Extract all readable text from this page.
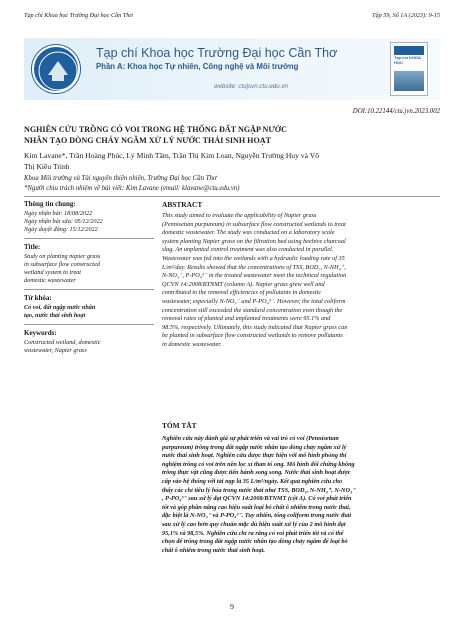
Tạp chí Khoa học Trường Đại học Cần Thơ	Tập 59, Số 1A (2023): 9-15
Tạp chí Khoa học Trường Đại học Cần Thơ
Phần A: Khoa học Tự nhiên, Công nghệ và Môi trường
website: ctujsvn.ctu.edu.vn
Tạp chí KHOA HỌC
DOI:10.22144/ctu.jvn.2023.002
NGHIÊN CỨU TRỒNG CỎ VOI TRONG HỆ THỐNG ĐẤT NGẬP NƯỚC
NHÂN TẠO DÒNG CHẢY NGẦM XỬ LÝ NƯỚC THẢI SINH HOẠT
Kim Lavane*, Trần Hoàng Phúc, Lý Minh Tâm, Trần Thị Kim Loan, Nguyễn Trường Huy và Võ
Thị Kiều Trinh
Khoa Môi trường và Tài nguyên thiên nhiên, Trường Đại học Cần Thơ
*Người chịu trách nhiệm về bài viết: Kim Lavane (email: klavane@ctu.edu.vn)
Thông tin chung:
Ngày nhận bài: 18/08/2022
Ngày nhận bài sửa: 05/12/2022
Ngày duyệt đăng: 15/12/2022
Title:
Study on planting napier grass
in subsurface flow constructed
wetland system to treat
domestic wastewater
Từ khóa:
Cỏ voi, đất ngập nước nhân
tạo, nước thải sinh hoạt
Keywords:
Constructed wetland, domestic
wastewater, Napier grass
ABSTRACT
This study aimed to evaluate the applicability of Napier grass
(Pennisetum purpureum) in subsurface flow constructed wetlands to treat
domestic wastewater. The study was conducted on a laboratory scale
system planting Napier grass on the filtration bed using beehive charcoal
slag. An unplanted control treatment was also conducted in parallel.
Wastewater was fed into the wetlands with a hydraulic loading rate of 35
L/m²/day. Results showed that the concentrations of TSS, BOD₅, N-NH₄⁺,
N-NO₃⁻, P-PO₄³⁻ in the treated wastewater meet the technical regulation
QCVN 14:2008/BTNMT (column A). Napier grass grew well and
contributed to the removal efficiencies of pollutants in domestic
wastewater, especially N-NO₃⁻ and P-PO₄³⁻. However, the total coliform
concentration still exceeded the standard concentration even though the
removal rates of planted and unplanted treatments were 95.1% and
98.5%, respectively. Ultimately, this study indicated that Napier grass can
be planted in subsurface flow constructed wetlands to remove pollutants
in domestic wastewater.
TÓM TẮT
Nghiên cứu này đánh giá sự phát triển và vai trò cỏ voi (Pennisetum
purpureum) trồng trong đất ngập nước nhân tạo dòng chảy ngầm xử lý
nước thải sinh hoạt. Nghiên cứu được thực hiện với mô hình phòng thí
nghiệm trồng cỏ voi trên nền lọc xỉ than tổ ong. Mô hình đối chứng không
trồng thực vật cũng được tiến hành song song. Nước thải sinh hoạt được
cấp vào hệ thống với tải nạp là 35 L/m²/ngày. Kết quả nghiên cứu cho
thấy các chỉ tiêu lý hóa trong nước thải như TSS, BOD₅, N-NH₄⁺, N-NO₃⁻
, P-PO₄³⁻ sau xử lý đạt QCVN 14:2008/BTNMT (cột A). Cỏ voi phát triển
tốt và góp phần nâng cao hiệu suất loại bỏ chất ô nhiễm trong nước thải,
đặc biệt là N-NO₃⁻ và P-PO₄³⁻. Tuy nhiên, tổng coliform trong nước thải
sau xử lý cao hơn quy chuẩn mặc dù hiệu suất xử lý của 2 mô hình đạt
95,1% và 98,5%. Nghiên cứu chỉ ra rằng cỏ voi phát triển tốt và có thể
chọn để trồng trong đất ngập nước nhân tạo dòng chảy ngầm để loại bỏ
chất ô nhiễm trong nước thải sinh hoạt.
9
